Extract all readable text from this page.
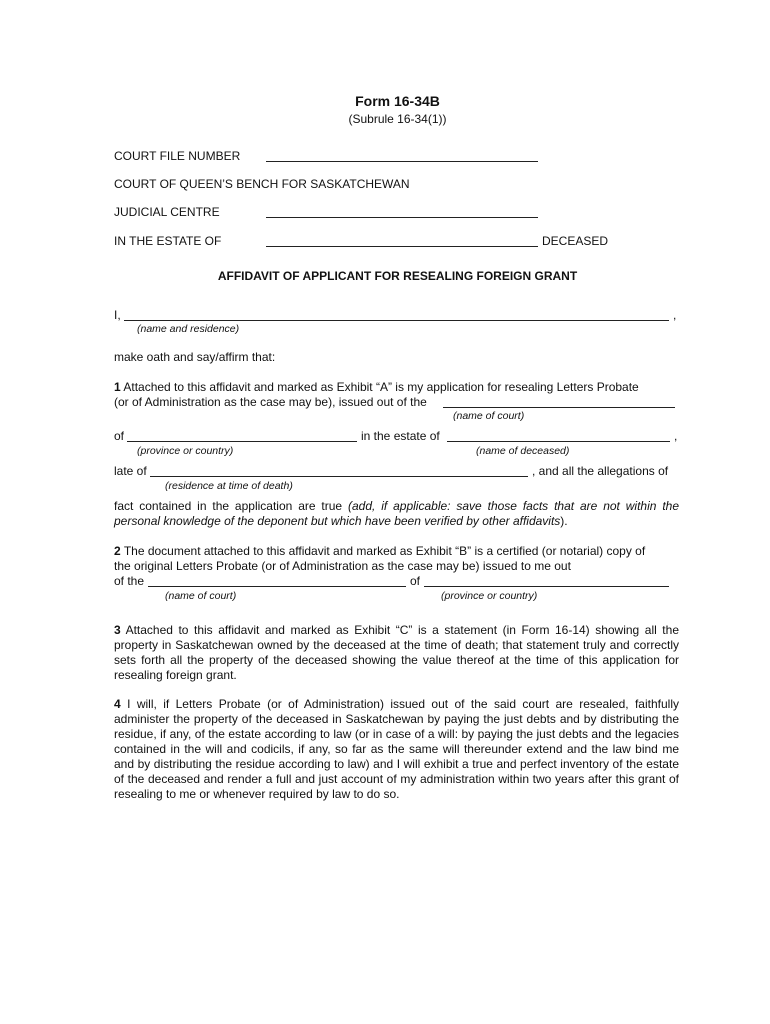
Form 16-34B
(Subrule 16-34(1))
COURT FILE NUMBER
COURT OF QUEEN’S BENCH FOR SASKATCHEWAN
JUDICIAL CENTRE
IN THE ESTATE OF	DECEASED
AFFIDAVIT OF APPLICANT FOR RESEALING FOREIGN GRANT
I,	,
(name and residence)
make oath and say/affirm that:
1 Attached to this affidavit and marked as Exhibit “A” is my application for resealing Letters Probate
(or of Administration as the case may be), issued out of the
(name of court)
of	in the estate of	,
(province or country)	(name of deceased)
late of	, and all the allegations of
(residence at time of death)
fact contained in the application are true (add, if applicable: save those facts that are not within the personal knowledge of the deponent but which have been verified by other affidavits).
2 The document attached to this affidavit and marked as Exhibit “B” is a certified (or notarial) copy of
the original Letters Probate (or of Administration as the case may be) issued to me out
of the	of
(name of court)	(province or country)
3 Attached to this affidavit and marked as Exhibit “C” is a statement (in Form 16-14) showing all the property in Saskatchewan owned by the deceased at the time of death; that statement truly and correctly sets forth all the property of the deceased showing the value thereof at the time of this application for resealing foreign grant.
4 I will, if Letters Probate (or of Administration) issued out of the said court are resealed, faithfully administer the property of the deceased in Saskatchewan by paying the just debts and by distributing the residue, if any, of the estate according to law (or in case of a will: by paying the just debts and the legacies contained in the will and codicils, if any, so far as the same will thereunder extend and the law bind me and by distributing the residue according to law) and I will exhibit a true and perfect inventory of the estate of the deceased and render a full and just account of my administration within two years after this grant of resealing to me or whenever required by law to do so.
